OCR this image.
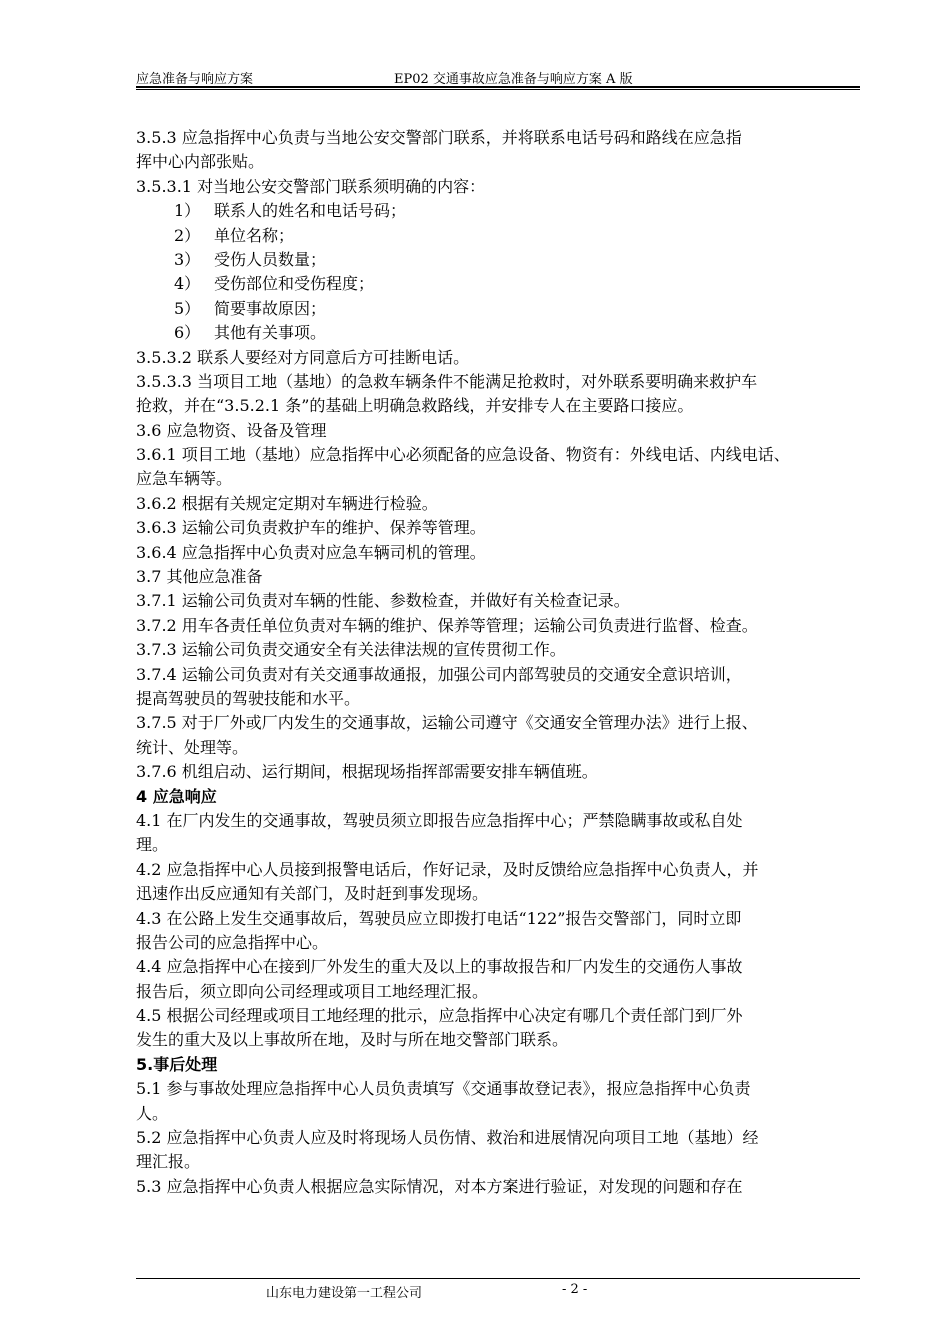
应急准备与响应方案	EP02 交通事故应急准备与响应方案 A 版
3.5.3 应急指挥中心负责与当地公安交警部门联系，并将联系电话号码和路线在应急指
挥中心内部张贴。
3.5.3.1 对当地公安交警部门联系须明确的内容：
1） 联系人的姓名和电话号码；
2） 单位名称；
3） 受伤人员数量；
4） 受伤部位和受伤程度；
5） 简要事故原因；
6） 其他有关事项。
3.5.3.2 联系人要经对方同意后方可挂断电话。
3.5.3.3 当项目工地（基地）的急救车辆条件不能满足抢救时，对外联系要明确来救护车
抢救，并在“3.5.2.1 条”的基础上明确急救路线，并安排专人在主要路口接应。
3.6 应急物资、设备及管理
3.6.1 项目工地（基地）应急指挥中心必须配备的应急设备、物资有：外线电话、内线电话、
应急车辆等。
3.6.2 根据有关规定定期对车辆进行检验。
3.6.3 运输公司负责救护车的维护、保养等管理。
3.6.4 应急指挥中心负责对应急车辆司机的管理。
3.7 其他应急准备
3.7.1 运输公司负责对车辆的性能、参数检查，并做好有关检查记录。
3.7.2 用车各责任单位负责对车辆的维护、保养等管理；运输公司负责进行监督、检查。
3.7.3 运输公司负责交通安全有关法律法规的宣传贯彻工作。
3.7.4 运输公司负责对有关交通事故通报，加强公司内部驾驶员的交通安全意识培训，
提高驾驶员的驾驶技能和水平。
3.7.5 对于厂外或厂内发生的交通事故，运输公司遵守《交通安全管理办法》进行上报、
统计、处理等。
3.7.6 机组启动、运行期间，根据现场指挥部需要安排车辆值班。
4 应急响应
4.1 在厂内发生的交通事故，驾驶员须立即报告应急指挥中心；严禁隐瞒事故或私自处
理。
4.2 应急指挥中心人员接到报警电话后，作好记录，及时反馈给应急指挥中心负责人，并
迅速作出反应通知有关部门，及时赶到事发现场。
4.3 在公路上发生交通事故后，驾驶员应立即拨打电话“122”报告交警部门，同时立即
报告公司的应急指挥中心。
4.4 应急指挥中心在接到厂外发生的重大及以上的事故报告和厂内发生的交通伤人事故
报告后，须立即向公司经理或项目工地经理汇报。
4.5 根据公司经理或项目工地经理的批示，应急指挥中心决定有哪几个责任部门到厂外
发生的重大及以上事故所在地，及时与所在地交警部门联系。
5.事后处理
5.1 参与事故处理应急指挥中心人员负责填写《交通事故登记表》，报应急指挥中心负责
人。
5.2 应急指挥中心负责人应及时将现场人员伤情、救治和进展情况向项目工地（基地）经
理汇报。
5.3 应急指挥中心负责人根据应急实际情况，对本方案进行验证，对发现的问题和存在
山东电力建设第一工程公司	- 2 -
